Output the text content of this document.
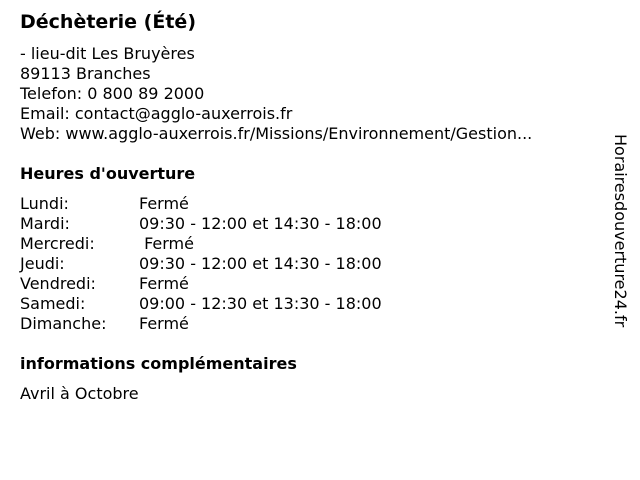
Déchèterie (Été)
- lieu-dit Les Bruyères
89113 Branches
Telefon: 0 800 89 2000
Email: contact@agglo-auxerrois.fr
Web: www.agglo-auxerrois.fr/Missions/Environnement/Gestion...
Heures d'ouverture
Lundi:	Fermé
Mardi:	09:30 - 12:00 et 14:30 - 18:00
Mercredi:	Fermé
Jeudi:	09:30 - 12:00 et 14:30 - 18:00
Vendredi:	Fermé
Samedi:	09:00 - 12:30 et 13:30 - 18:00
Dimanche:	Fermé
informations complémentaires
Avril à Octobre
Horairesdouverture24.fr
